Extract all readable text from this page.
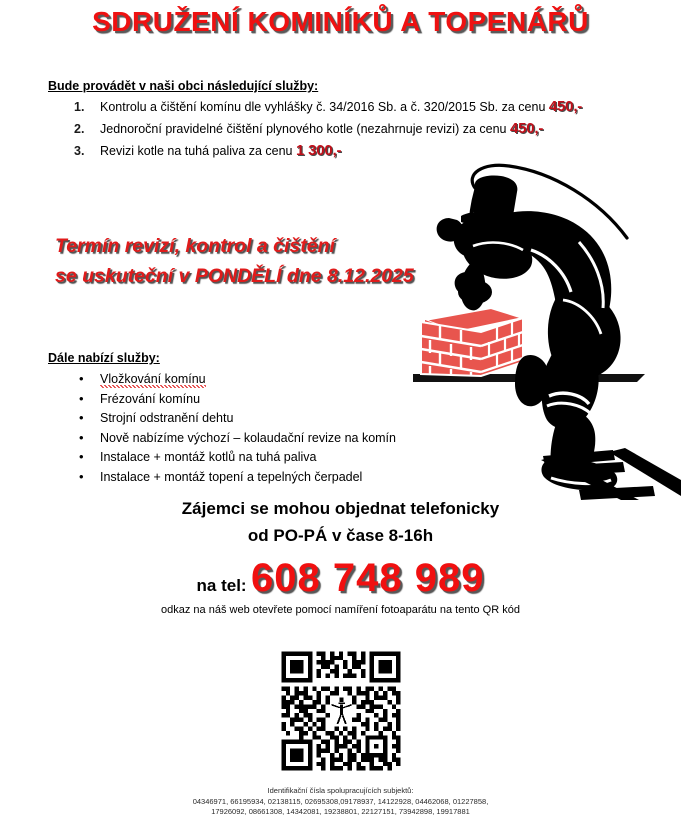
SDRUŽENÍ KOMINÍKŮ A TOPENÁŘŮ
Bude provádět v naši obci následující služby:
1. Kontrolu a čištění komínu dle vyhlášky č. 34/2016 Sb. a č. 320/2015 Sb. za cenu 450,-
2. Jednoroční pravidelné čištění plynového kotle (nezahrnuje revizi) za cenu 450,-
3. Revizi kotle na tuhá paliva za cenu 1 300,-
Termín revizí, kontrol a čištění
se uskuteční v PONDĚLÍ dne 8.12.2025
Dále nabízí služby:
• Vložkování komínu
• Frézování komínu
• Strojní odstranění dehtu
• Nově nabízíme výchozí – kolaudační revize na komín
• Instalace + montáž kotlů na tuhá paliva
• Instalace + montáž topení a tepelných čerpadel
Zájemci se mohou objednat telefonicky
od PO-PÁ v čase 8-16h
na tel: 608 748 989
odkaz na náš web otevřete pomocí namíření fotoaparátu na tento QR kód
Identifikační čísla spolupracujících subjektů:
04346971, 66195934, 02138115, 02695308,09178937, 14122928, 04462068, 01227858,
17926092, 08661308, 14342081, 19238801, 22127151, 73942898, 19917881
